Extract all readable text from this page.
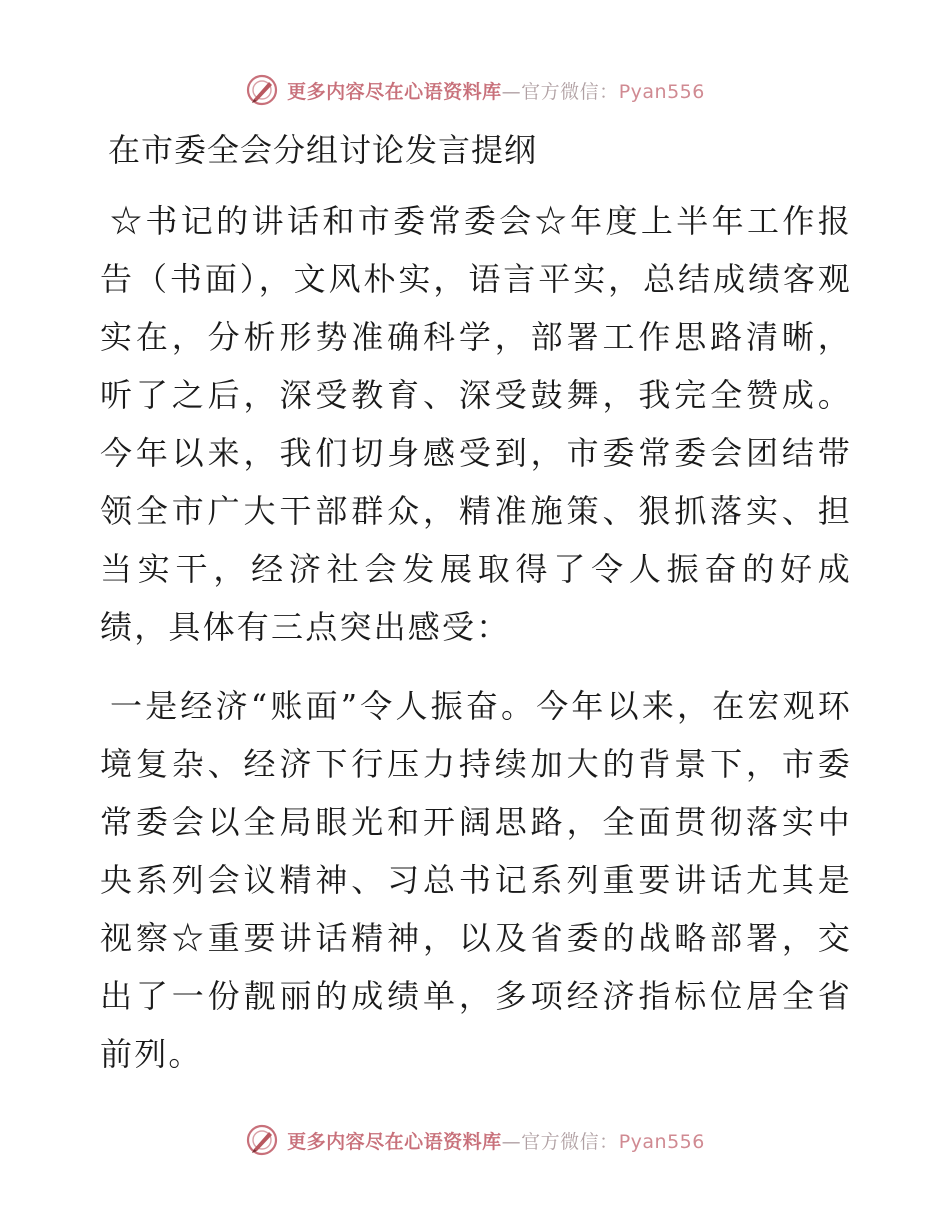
更多内容尽在心语资料库—官方微信：Pyan556
在市委全会分组讨论发言提纲

☆书记的讲话和市委常委会☆年度上半年工作报告（书面），文风朴实，语言平实，总结成绩客观实在，分析形势准确科学，部署工作思路清晰，听了之后，深受教育、深受鼓舞，我完全赞成。今年以来，我们切身感受到，市委常委会团结带领全市广大干部群众，精准施策、狠抓落实、担当实干，经济社会发展取得了令人振奋的好成绩，具体有三点突出感受：

一是经济“账面”令人振奋。今年以来，在宏观环境复杂、经济下行压力持续加大的背景下，市委常委会以全局眼光和开阔思路，全面贯彻落实中央系列会议精神、习总书记系列重要讲话尤其是视察☆重要讲话精神，以及省委的战略部署，交出了一份靓丽的成绩单，多项经济指标位居全省前列。

更多内容尽在心语资料库—官方微信：Pyan556
